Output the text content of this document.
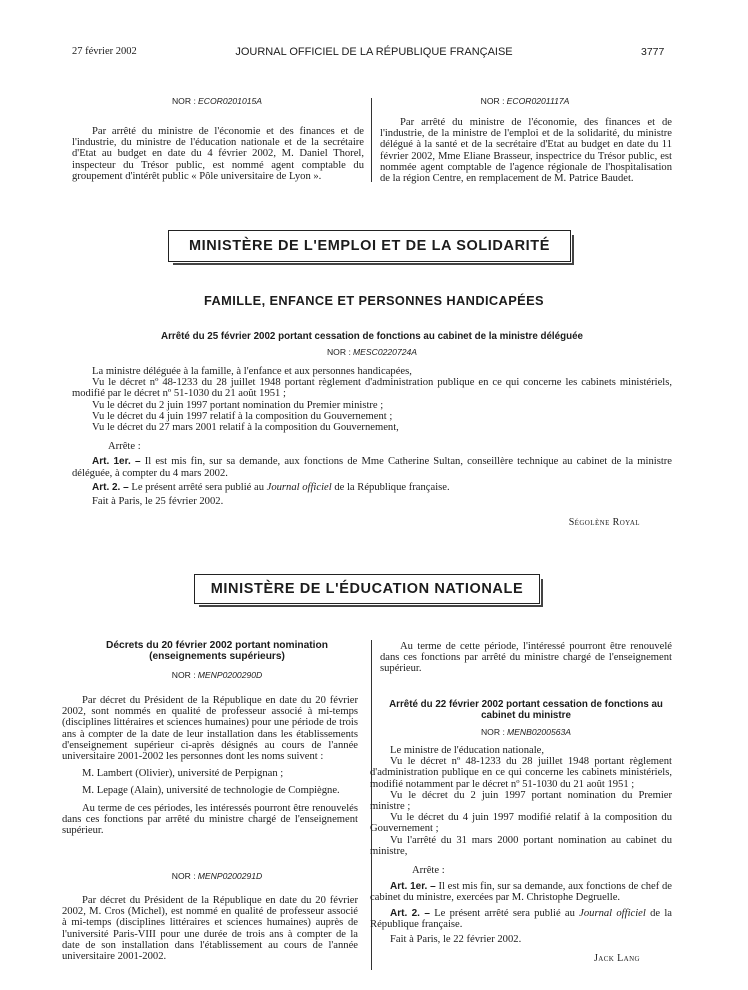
27 février 2002	JOURNAL OFFICIEL DE LA RÉPUBLIQUE FRANÇAISE	3777
NOR : ECOR0201015A

Par arrêté du ministre de l'économie et des finances et de l'industrie, du ministre de l'éducation nationale et de la secrétaire d'Etat au budget en date du 4 février 2002, M. Daniel Thorel, inspecteur du Trésor public, est nommé agent comptable du groupement d'intérêt public « Pôle universitaire de Lyon ».

NOR : ECOR0201117A

Par arrêté du ministre de l'économie, des finances et de l'industrie, de la ministre de l'emploi et de la solidarité, du ministre délégué à la santé et de la secrétaire d'Etat au budget en date du 11 février 2002, Mme Eliane Brasseur, inspectrice du Trésor public, est nommée agent comptable de l'agence régionale de l'hospitalisation de la région Centre, en remplacement de M. Patrice Baudet.

MINISTÈRE DE L'EMPLOI ET DE LA SOLIDARITÉ
FAMILLE, ENFANCE ET PERSONNES HANDICAPÉES
Arrêté du 25 février 2002 portant cessation de fonctions au cabinet de la ministre déléguée
NOR : MESC0220724A

La ministre déléguée à la famille, à l'enfance et aux personnes handicapées,

Vu le décret nº 48-1233 du 28 juillet 1948 portant règlement d'administration publique en ce qui concerne les cabinets ministériels, modifié par le décret nº 51-1030 du 21 août 1951 ;

Vu le décret du 2 juin 1997 portant nomination du Premier ministre ;

Vu le décret du 4 juin 1997 relatif à la composition du Gouvernement ;

Vu le décret du 27 mars 2001 relatif à la composition du Gouvernement,

Arrête :

Art. 1er. – Il est mis fin, sur sa demande, aux fonctions de Mme Catherine Sultan, conseillère technique au cabinet de la ministre déléguée, à compter du 4 mars 2002.

Art. 2. – Le présent arrêté sera publié au Journal officiel de la République française.

Fait à Paris, le 25 février 2002.

Ségolène Royal
MINISTÈRE DE L'ÉDUCATION NATIONALE
Décrets du 20 février 2002 portant nomination (enseignements supérieurs)
NOR : MENP0200290D

Par décret du Président de la République en date du 20 février 2002, sont nommés en qualité de professeur associé à mi-temps (disciplines littéraires et sciences humaines) pour une période de trois ans à compter de la date de leur installation dans les établissements d'enseignement supérieur ci-après désignés au cours de l'année universitaire 2001-2002 les personnes dont les noms suivent :

M. Lambert (Olivier), université de Perpignan ;

M. Lepage (Alain), université de technologie de Compiègne.

Au terme de ces périodes, les intéressés pourront être renouvelés dans ces fonctions par arrêté du ministre chargé de l'enseignement supérieur.

NOR : MENP0200291D

Par décret du Président de la République en date du 20 février 2002, M. Cros (Michel), est nommé en qualité de professeur associé à mi-temps (disciplines littéraires et sciences humaines) auprès de l'université Paris-VIII pour une durée de trois ans à compter de la date de son installation dans l'établissement au cours de l'année universitaire 2001-2002.

Au terme de cette période, l'intéressé pourront être renouvelé dans ces fonctions par arrêté du ministre chargé de l'enseignement supérieur.

Arrêté du 22 février 2002 portant cessation de fonctions au cabinet du ministre
NOR : MENB0200563A

Le ministre de l'éducation nationale,

Vu le décret nº 48-1233 du 28 juillet 1948 portant règlement d'administration publique en ce qui concerne les cabinets ministériels, modifié notamment par le décret nº 51-1030 du 21 août 1951 ;

Vu le décret du 2 juin 1997 portant nomination du Premier ministre ;

Vu le décret du 4 juin 1997 modifié relatif à la composition du Gouvernement ;

Vu l'arrêté du 31 mars 2000 portant nomination au cabinet du ministre,

Arrête :

Art. 1er. – Il est mis fin, sur sa demande, aux fonctions de chef de cabinet du ministre, exercées par M. Christophe Degruelle.

Art. 2. – Le présent arrêté sera publié au Journal officiel de la République française.

Fait à Paris, le 22 février 2002.

Jack Lang
